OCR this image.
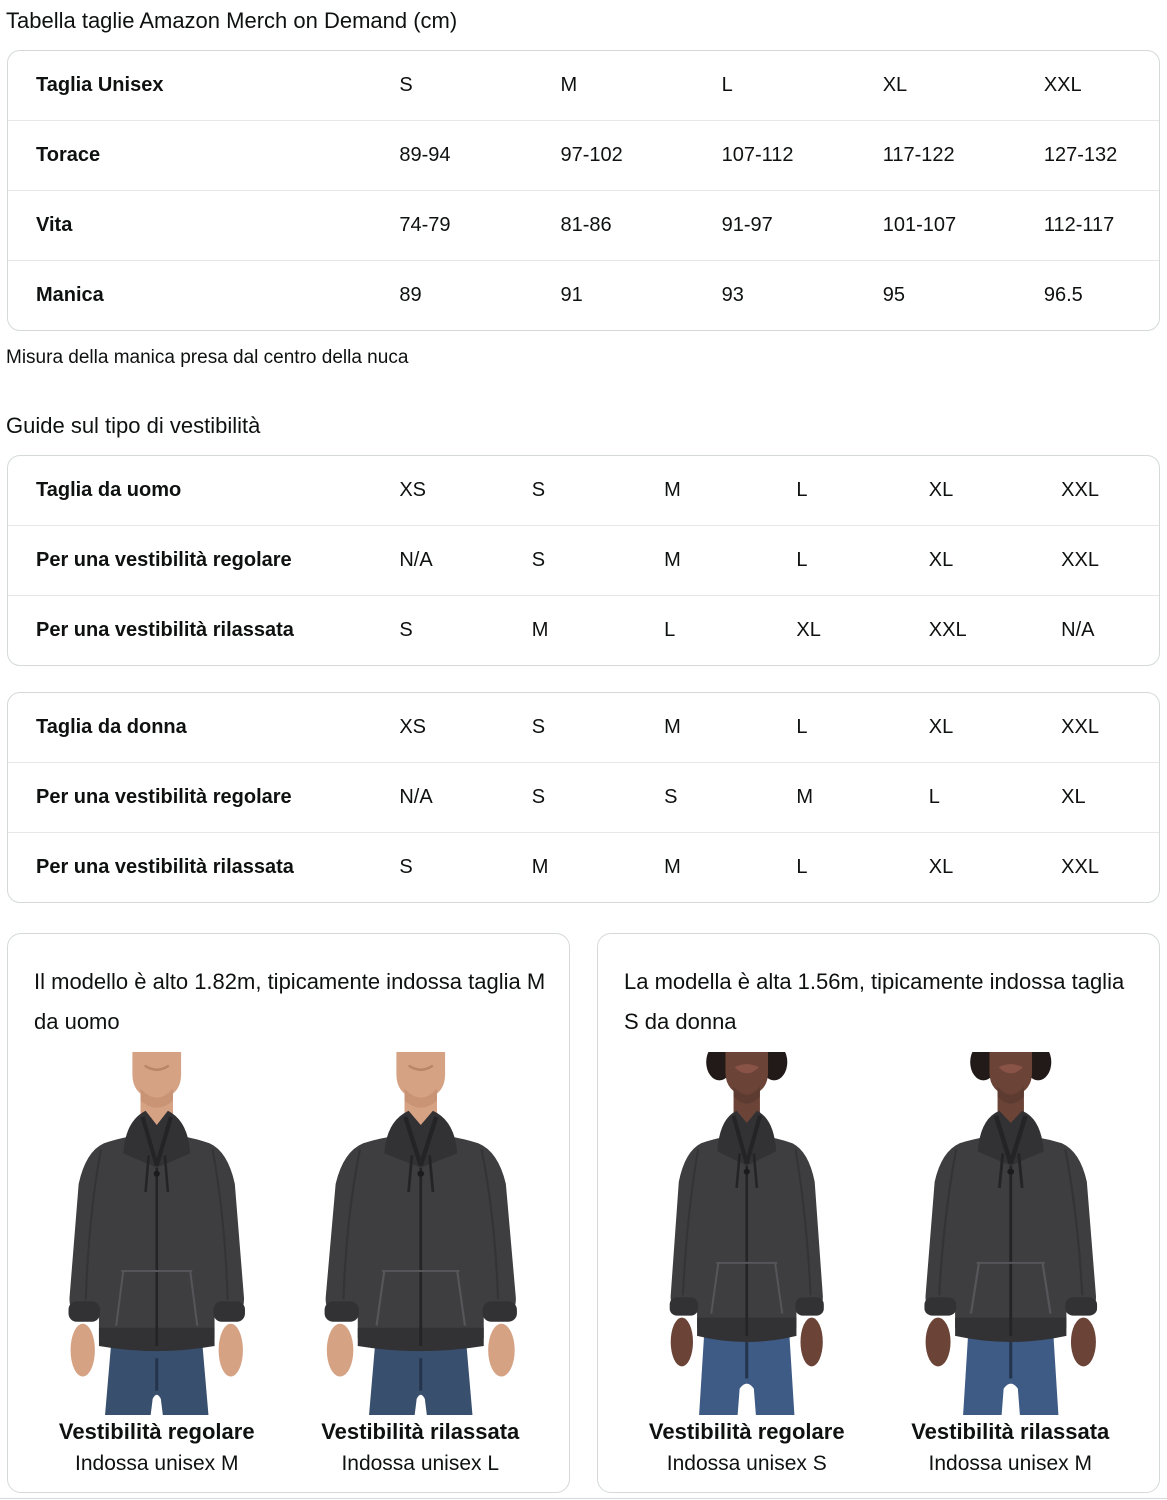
Tabella taglie Amazon Merch on Demand (cm)
Taglia Unisex	S	M	L	XL	XXL
Torace	89-94	97-102	107-112	117-122	127-132
Vita	74-79	81-86	91-97	101-107	112-117
Manica	89	91	93	95	96.5

Misura della manica presa dal centro della nuca

Guide sul tipo di vestibilità
Taglia da uomo	XS	S	M	L	XL	XXL
Per una vestibilità regolare	N/A	S	M	L	XL	XXL
Per una vestibilità rilassata	S	M	L	XL	XXL	N/A
Taglia da donna	XS	S	M	L	XL	XXL
Per una vestibilità regolare	N/A	S	S	M	L	XL
Per una vestibilità rilassata	S	M	M	L	XL	XXL

Il modello è alto 1.82m, tipicamente indossa taglia M da uomo

Vestibilità regolare
Indossa unisex M
Vestibilità rilassata
Indossa unisex L

La modella è alta 1.56m, tipicamente indossa taglia S da donna

Vestibilità regolare
Indossa unisex S
Vestibilità rilassata
Indossa unisex M
